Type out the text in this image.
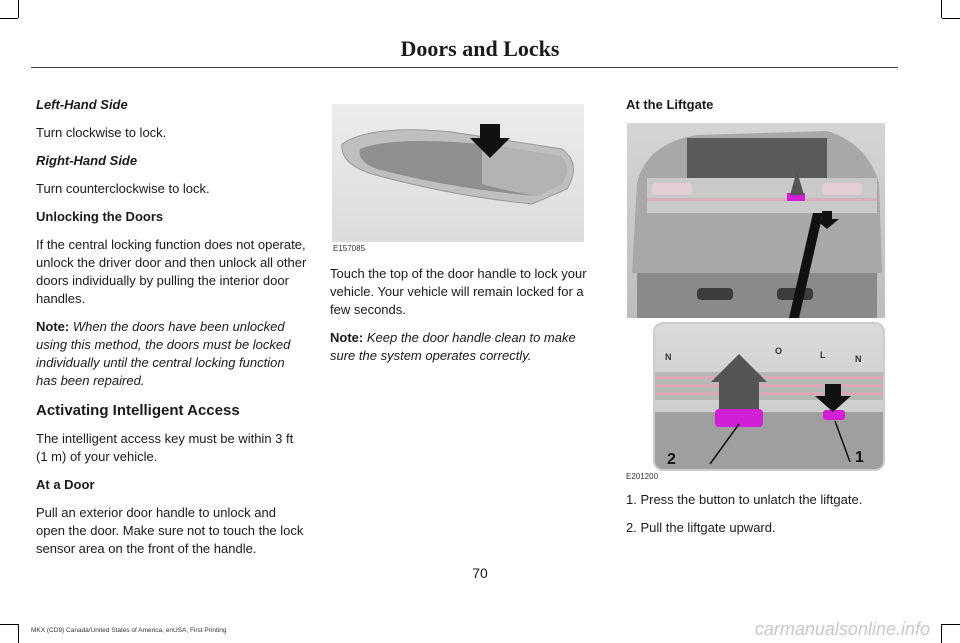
Doors and Locks

Left-Hand Side

Turn clockwise to lock.

Right-Hand Side

Turn counterclockwise to lock.

Unlocking the Doors

If the central locking function does not operate, unlock the driver door and then unlock all other doors individually by pulling the interior door handles.

Note: When the doors have been unlocked using this method, the doors must be locked individually until the central locking function has been repaired.

Activating Intelligent Access

The intelligent access key must be within 3 ft (1 m) of your vehicle.

At a Door

Pull an exterior door handle to unlock and open the door. Make sure not to touch the lock sensor area on the front of the handle.

E157085

Touch the top of the door handle to lock your vehicle. Your vehicle will remain locked for a few seconds.

Note: Keep the door handle clean to make sure the system operates correctly.

At the Liftgate

N
O	L	N
2	1
E201200
1. Press the button to unlatch the liftgate.
2. Pull the liftgate upward.
70
MKX (CD9) Canada/United States of America, enUSA, First Printing	carmanualsonline.info
